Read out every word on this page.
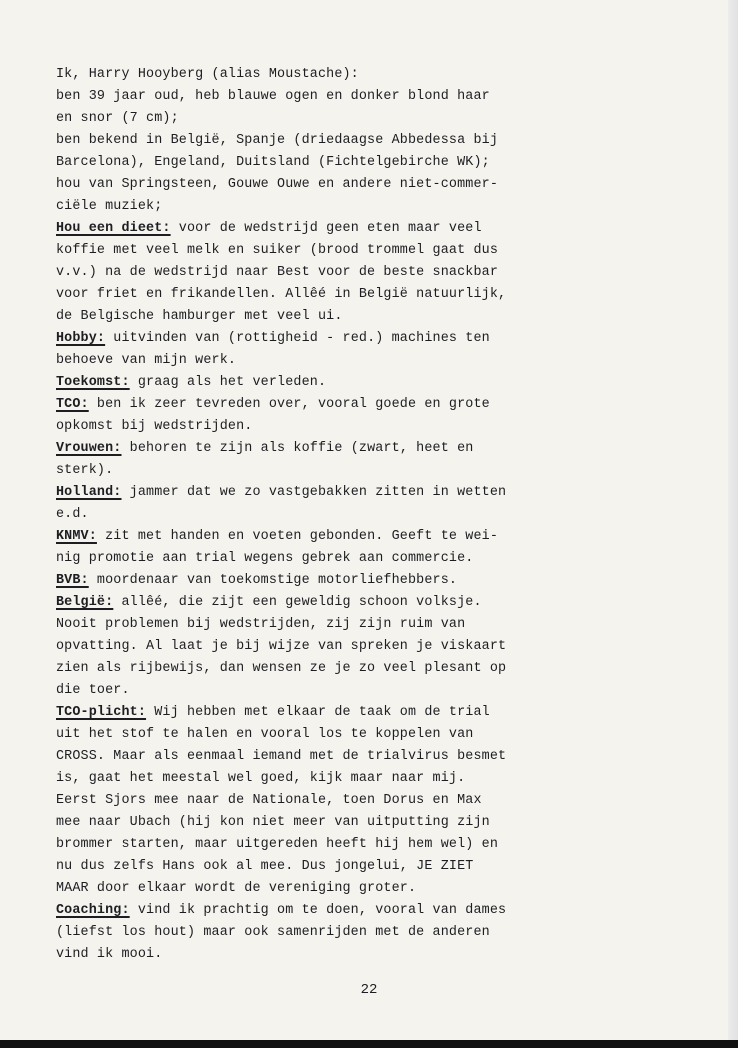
Ik, Harry Hooyberg (alias Moustache):
ben 39 jaar oud, heb blauwe ogen en donker blond haar
en snor (7 cm);
ben bekend in België, Spanje (driedaagse Abbedessa bij
Barcelona), Engeland, Duitsland (Fichtelgebirche WK);
hou van Springsteen, Gouwe Ouwe en andere niet-commer-
ciële muziek;
Hou een dieet: voor de wedstrijd geen eten maar veel
koffie met veel melk en suiker (brood trommel gaat dus
v.v.) na de wedstrijd naar Best voor de beste snackbar
voor friet en frikandellen. Allêé in België natuurlijk,
de Belgische hamburger met veel ui.
Hobby: uitvinden van (rottigheid - red.) machines ten
behoeve van mijn werk.
Toekomst: graag als het verleden.
TCO: ben ik zeer tevreden over, vooral goede en grote
opkomst bij wedstrijden.
Vrouwen: behoren te zijn als koffie (zwart, heet en
sterk).
Holland: jammer dat we zo vastgebakken zitten in wetten
e.d.
KNMV: zit met handen en voeten gebonden. Geeft te wei-
nig promotie aan trial wegens gebrek aan commercie.
BVB: moordenaar van toekomstige motorliefhebbers.
België: allêé, die zijt een geweldig schoon volksje.
Nooit problemen bij wedstrijden, zij zijn ruim van
opvatting. Al laat je bij wijze van spreken je viskaart
zien als rijbewijs, dan wensen ze je zo veel plesant op
die toer.
TCO-plicht: Wij hebben met elkaar de taak om de trial
uit het stof te halen en vooral los te koppelen van
CROSS. Maar als eenmaal iemand met de trialvirus besmet
is, gaat het meestal wel goed, kijk maar naar mij.
Eerst Sjors mee naar de Nationale, toen Dorus en Max
mee naar Ubach (hij kon niet meer van uitputting zijn
brommer starten, maar uitgereden heeft hij hem wel) en
nu dus zelfs Hans ook al mee. Dus jongelui, JE ZIET
MAAR door elkaar wordt de vereniging groter.
Coaching: vind ik prachtig om te doen, vooral van dames
(liefst los hout) maar ook samenrijden met de anderen
vind ik mooi.
22
